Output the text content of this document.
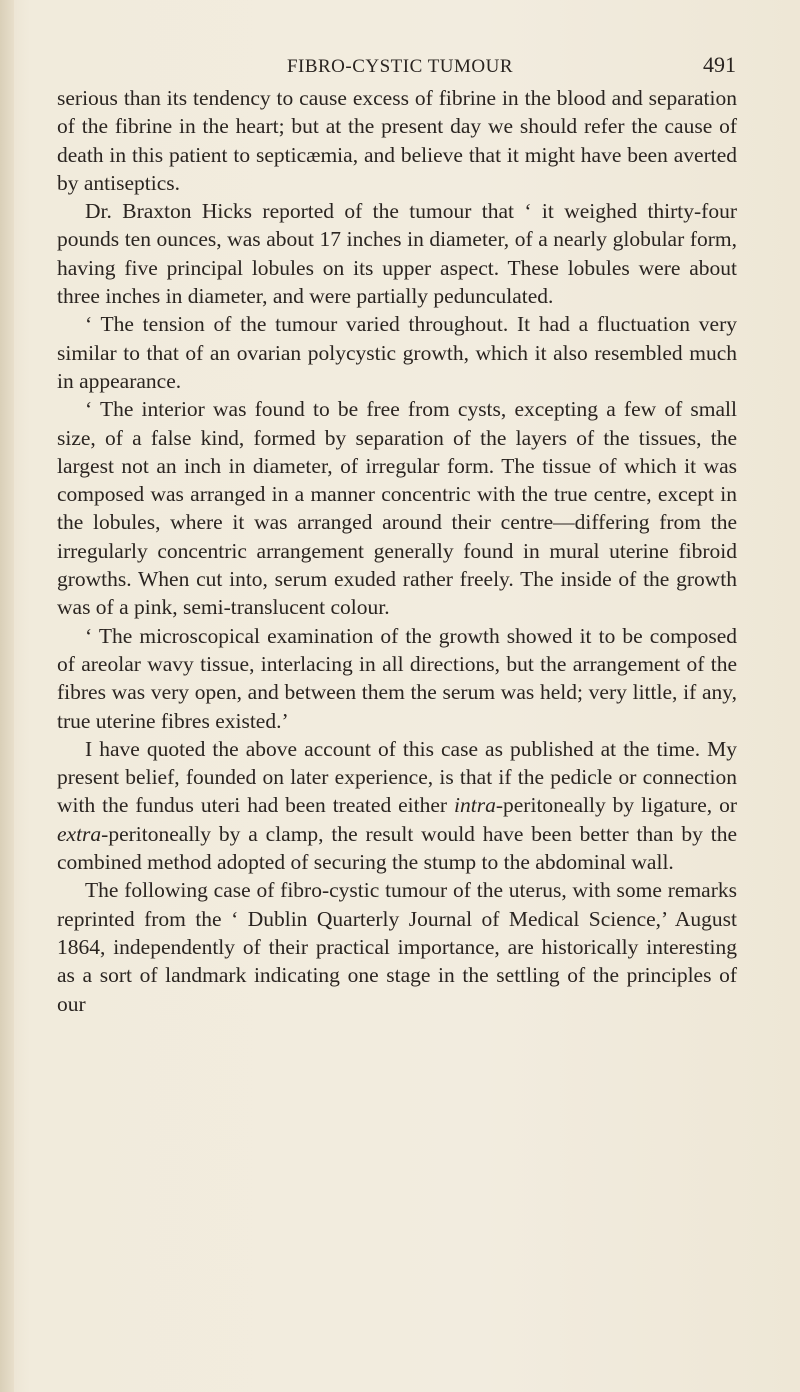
FIBRO-CYSTIC TUMOUR	491

serious than its tendency to cause excess of fibrine in the blood and separation of the fibrine in the heart; but at the present day we should refer the cause of death in this patient to septicæmia, and believe that it might have been averted by antiseptics.

Dr. Braxton Hicks reported of the tumour that ‘ it weighed thirty-four pounds ten ounces, was about 17 inches in diameter, of a nearly globular form, having five principal lobules on its upper aspect. These lobules were about three inches in diameter, and were partially pedunculated.

‘ The tension of the tumour varied throughout. It had a fluctuation very similar to that of an ovarian polycystic growth, which it also resembled much in appearance.

‘ The interior was found to be free from cysts, excepting a few of small size, of a false kind, formed by separation of the layers of the tissues, the largest not an inch in diameter, of irregular form. The tissue of which it was composed was arranged in a manner concentric with the true centre, except in the lobules, where it was arranged around their centre—differing from the irregularly concentric arrangement generally found in mural uterine fibroid growths. When cut into, serum exuded rather freely. The inside of the growth was of a pink, semi-translucent colour.

‘ The microscopical examination of the growth showed it to be composed of areolar wavy tissue, interlacing in all directions, but the arrangement of the fibres was very open, and between them the serum was held; very little, if any, true uterine fibres existed.’

I have quoted the above account of this case as published at the time. My present belief, founded on later experience, is that if the pedicle or connection with the fundus uteri had been treated either intra-peritoneally by ligature, or extra-peritoneally by a clamp, the result would have been better than by the combined method adopted of securing the stump to the abdominal wall.

The following case of fibro-cystic tumour of the uterus, with some remarks reprinted from the ‘ Dublin Quarterly Journal of Medical Science,’ August 1864, independently of their practical importance, are historically interesting as a sort of landmark indicating one stage in the settling of the principles of our
